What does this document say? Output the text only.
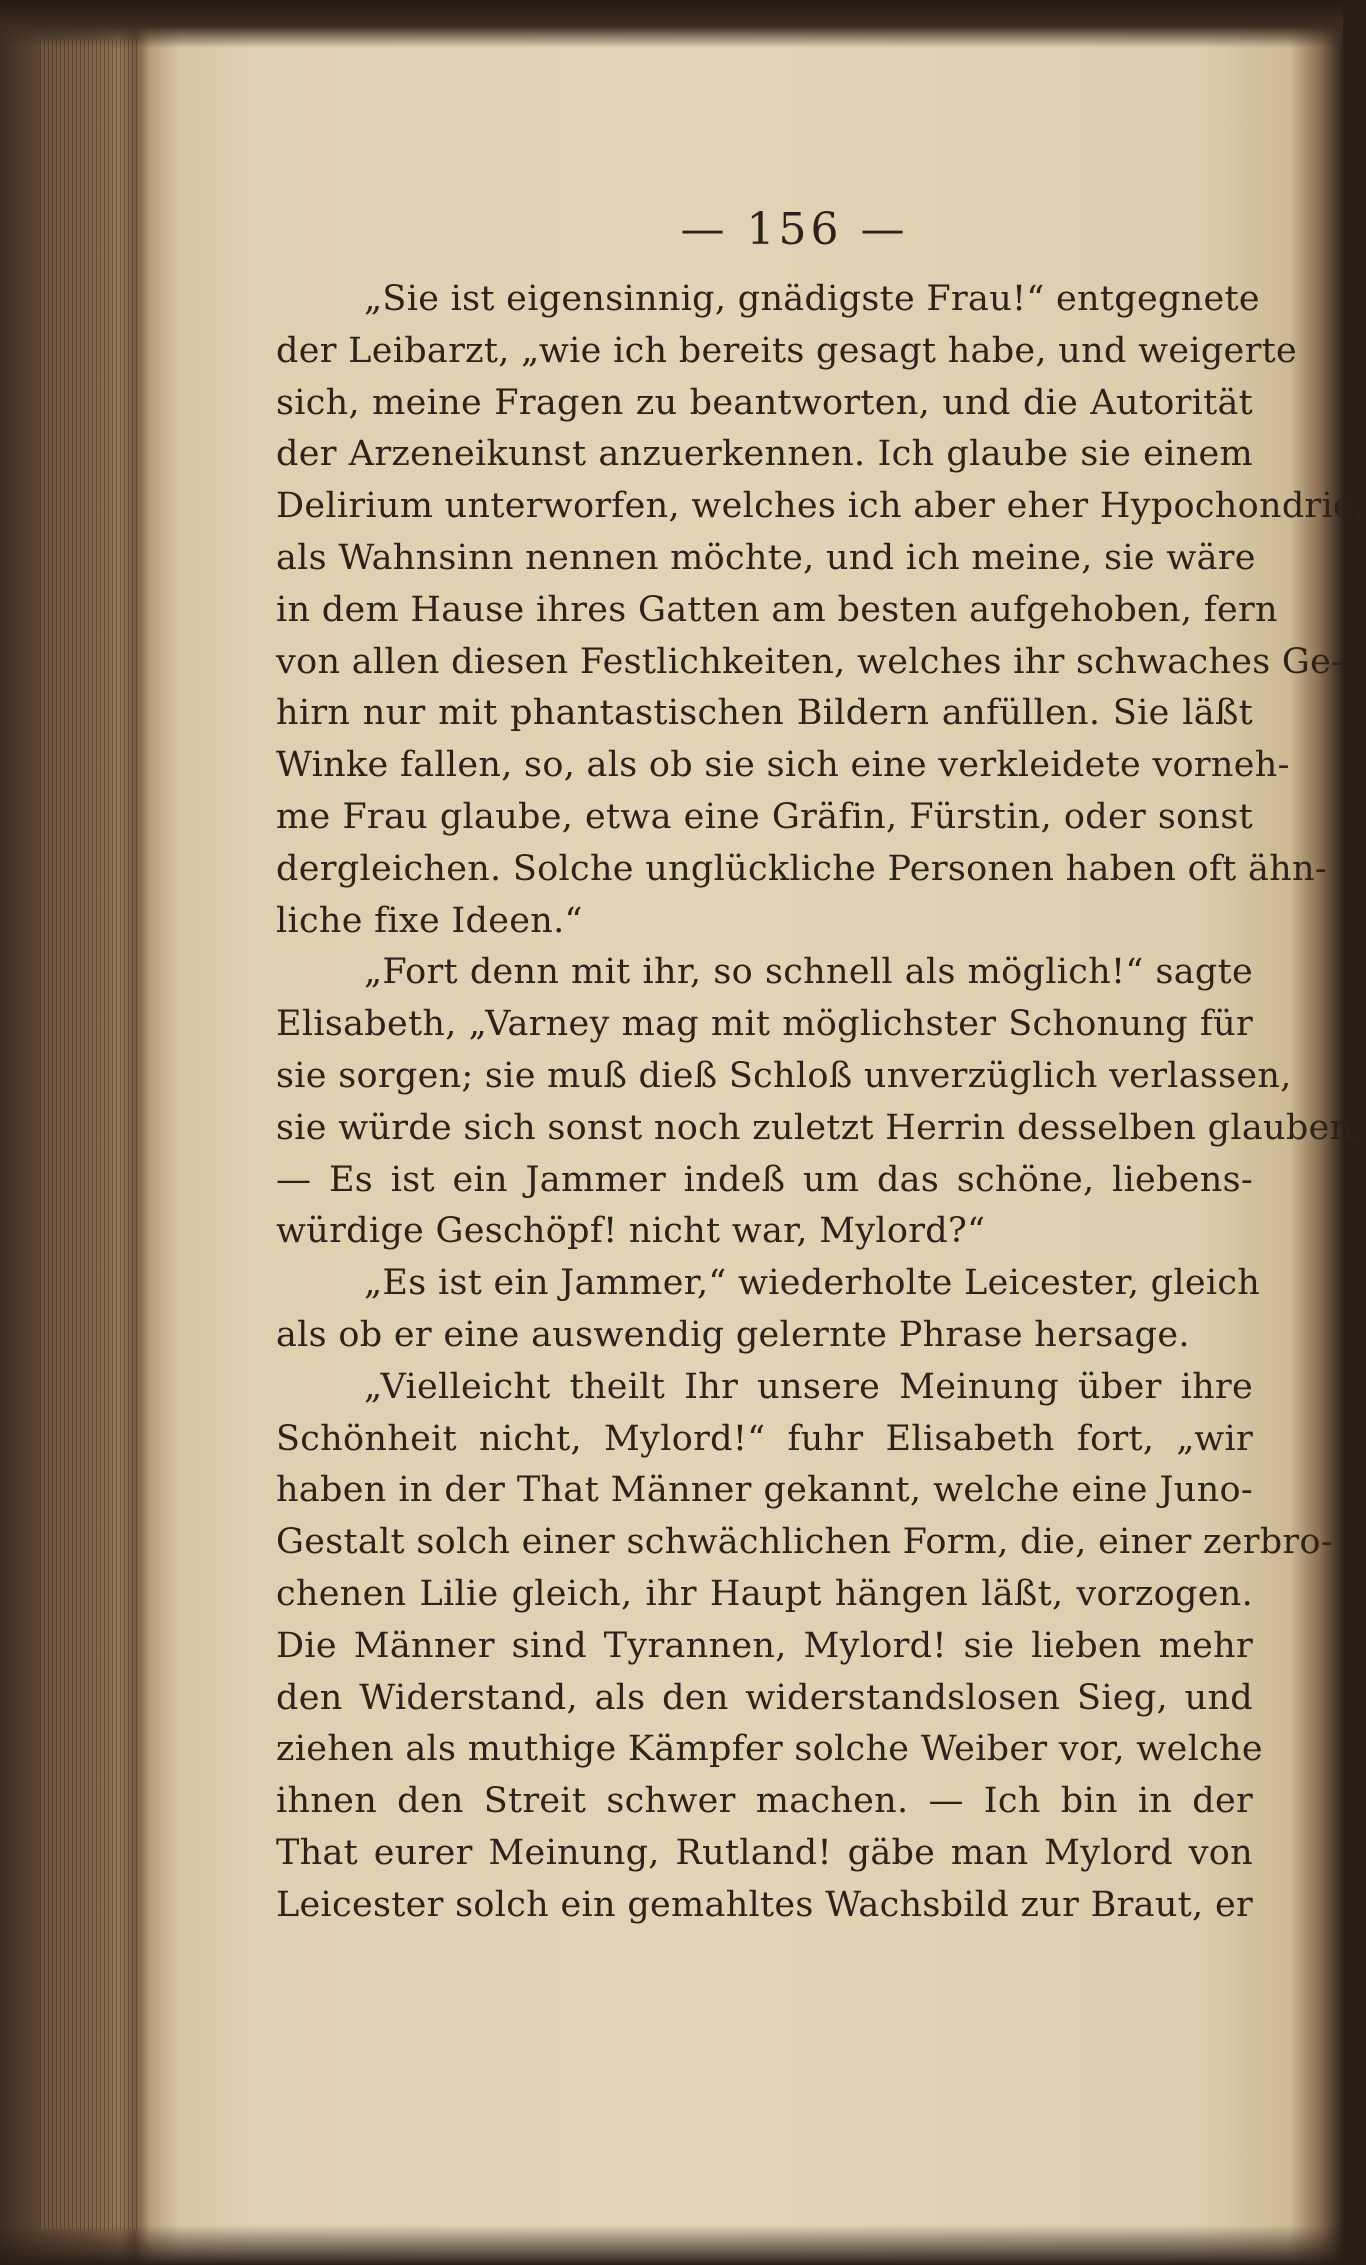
— 156 —
„Sie ist eigensinnig, gnädigste Frau!“ entgegnete
der Leibarzt, „wie ich bereits gesagt habe, und weigerte
sich, meine Fragen zu beantworten, und die Autorität
der Arzeneikunst anzuerkennen. Ich glaube sie einem
Delirium unterworfen, welches ich aber eher Hypochondrie,
als Wahnsinn nennen möchte, und ich meine, sie wäre
in dem Hause ihres Gatten am besten aufgehoben, fern
von allen diesen Festlichkeiten, welches ihr schwaches Ge-
hirn nur mit phantastischen Bildern anfüllen. Sie läßt
Winke fallen, so, als ob sie sich eine verkleidete vorneh-
me Frau glaube, etwa eine Gräfin, Fürstin, oder sonst
dergleichen. Solche unglückliche Personen haben oft ähn-
liche fixe Ideen.“
„Fort denn mit ihr, so schnell als möglich!“ sagte
Elisabeth, „Varney mag mit möglichster Schonung für
sie sorgen; sie muß dieß Schloß unverzüglich verlassen,
sie würde sich sonst noch zuletzt Herrin desselben glauben.
— Es ist ein Jammer indeß um das schöne, liebens-
würdige Geschöpf! nicht war, Mylord?“
„Es ist ein Jammer,“ wiederholte Leicester, gleich
als ob er eine auswendig gelernte Phrase hersage.
„Vielleicht theilt Ihr unsere Meinung über ihre
Schönheit nicht, Mylord!“ fuhr Elisabeth fort, „wir
haben in der That Männer gekannt, welche eine Juno-
Gestalt solch einer schwächlichen Form, die, einer zerbro-
chenen Lilie gleich, ihr Haupt hängen läßt, vorzogen.
Die Männer sind Tyrannen, Mylord! sie lieben mehr
den Widerstand, als den widerstandslosen Sieg, und
ziehen als muthige Kämpfer solche Weiber vor, welche
ihnen den Streit schwer machen. — Ich bin in der
That eurer Meinung, Rutland! gäbe man Mylord von
Leicester solch ein gemahltes Wachsbild zur Braut, er
